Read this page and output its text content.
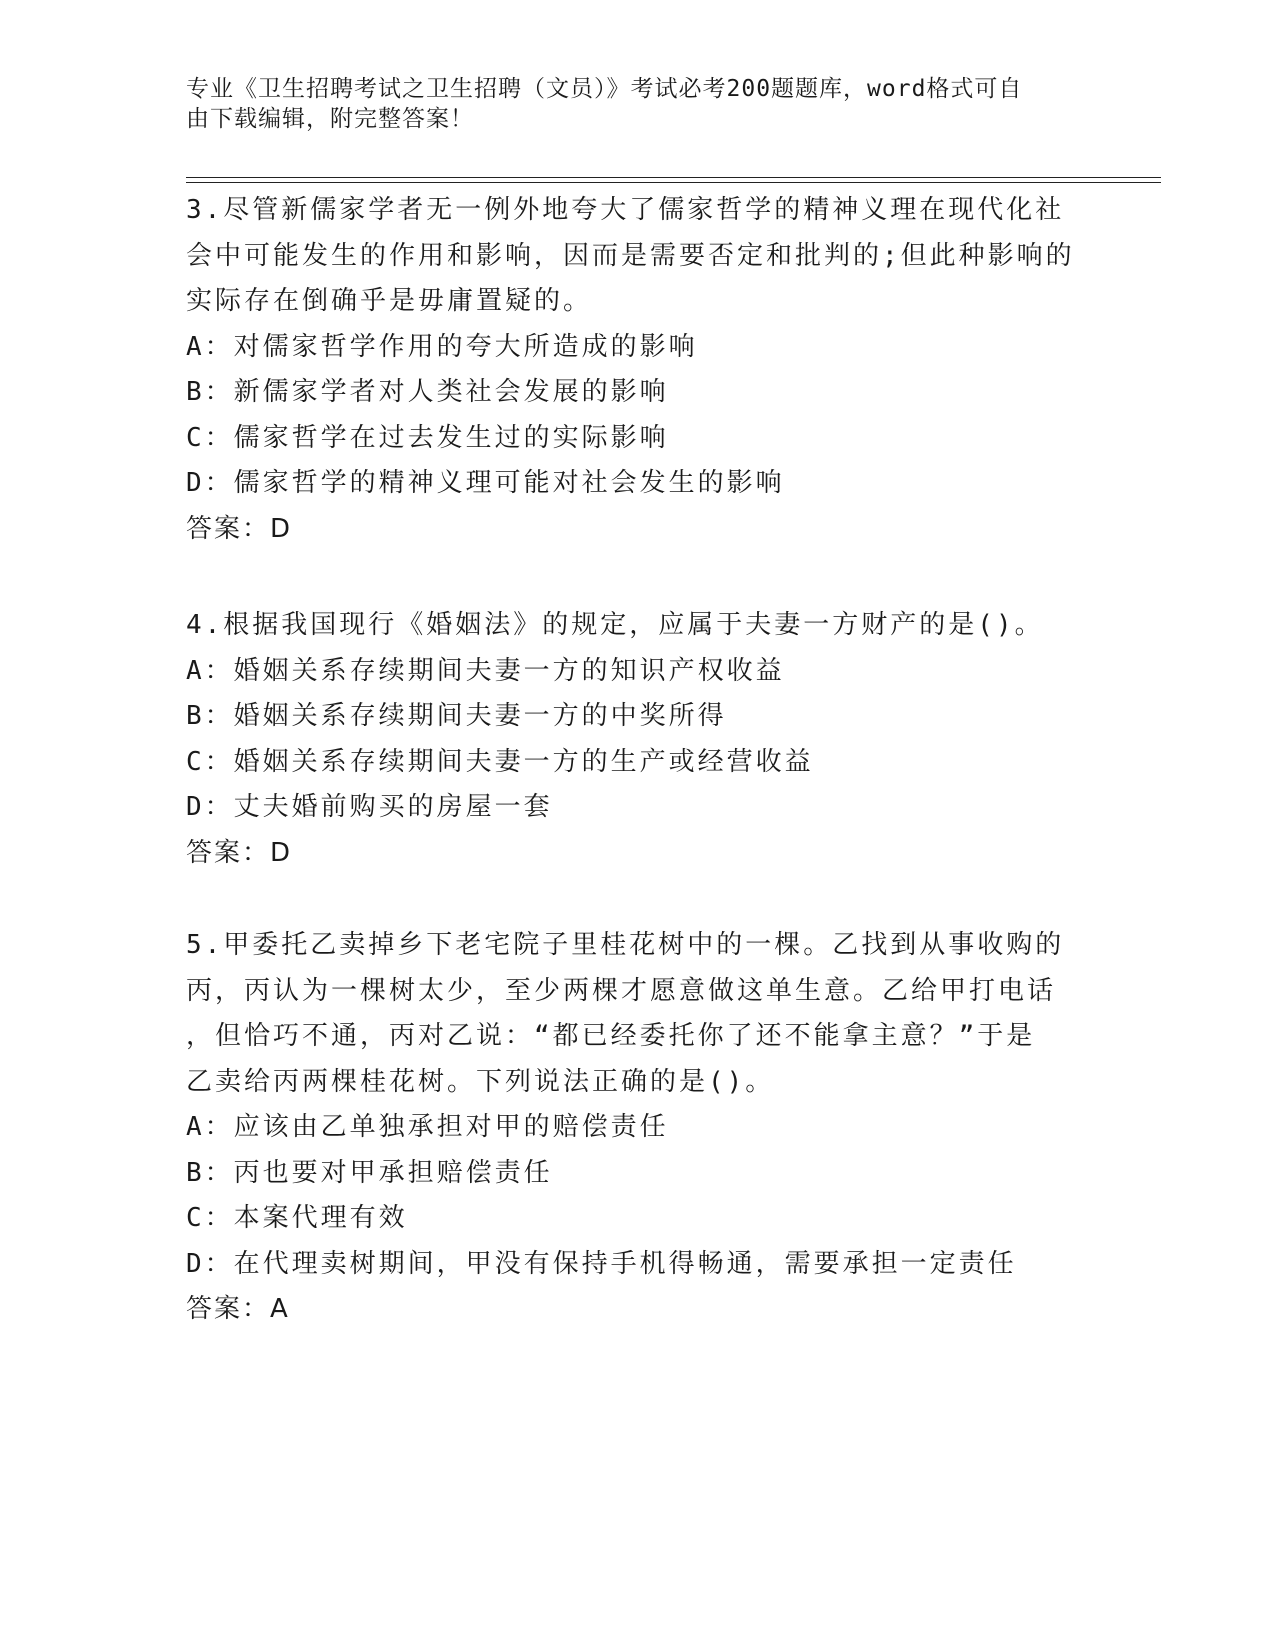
专业《卫生招聘考试之卫生招聘（文员）》考试必考200题题库，word格式可自
由下载编辑，附完整答案！
3.尽管新儒家学者无一例外地夸大了儒家哲学的精神义理在现代化社
会中可能发生的作用和影响，因而是需要否定和批判的;但此种影响的
实际存在倒确乎是毋庸置疑的。
A：对儒家哲学作用的夸大所造成的影响
B：新儒家学者对人类社会发展的影响
C：儒家哲学在过去发生过的实际影响
D：儒家哲学的精神义理可能对社会发生的影响
答案：D
4.根据我国现行《婚姻法》的规定，应属于夫妻一方财产的是()。
A：婚姻关系存续期间夫妻一方的知识产权收益
B：婚姻关系存续期间夫妻一方的中奖所得
C：婚姻关系存续期间夫妻一方的生产或经营收益
D：丈夫婚前购买的房屋一套
答案：D
5.甲委托乙卖掉乡下老宅院子里桂花树中的一棵。乙找到从事收购的
丙，丙认为一棵树太少，至少两棵才愿意做这单生意。乙给甲打电话
，但恰巧不通，丙对乙说：“都已经委托你了还不能拿主意？”于是
乙卖给丙两棵桂花树。下列说法正确的是()。
A：应该由乙单独承担对甲的赔偿责任
B：丙也要对甲承担赔偿责任
C：本案代理有效
D：在代理卖树期间，甲没有保持手机得畅通，需要承担一定责任
答案：A
